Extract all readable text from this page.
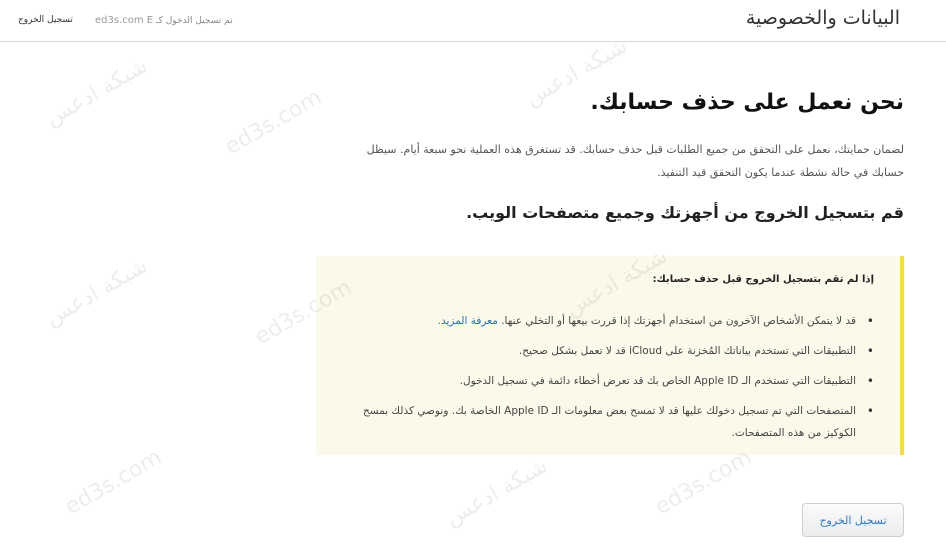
البيانات والخصوصية
تسجيل الخروج	تم تسجيل الدخول كـ ed3s.com E
نحن نعمل على حذف حسابك.
لضمان حمايتك، نعمل على التحقق من جميع الطلبات قبل حذف حسابك. قد تستغرق هذه العملية نحو سبعة أيام. سيظل
حسابك في حالة نشطة عندما يكون التحقق قيد التنفيذ.
قم بتسجيل الخروج من أجهزتك وجميع متصفحات الويب.
إذا لم تقم بتسجيل الخروج قبل حذف حسابك:
•
قد لا يتمكن الأشخاص الآخرون من استخدام أجهزتك إذا قررت بيعها أو التخلي عنها. معرفة المزيد.
•
التطبيقات التي تستخدم بياناتك المُخزنة على iCloud قد لا تعمل بشكل صحيح.
•
التطبيقات التي تستخدم الـ Apple ID الخاص بك قد تعرض أخطاء دائمة في تسجيل الدخول.
•
المتصفحات التي تم تسجيل دخولك عليها قد لا تمسح بعض معلومات الـ Apple ID الخاصة بك. ونوصي كذلك بمسح الكوكيز من هذه المتصفحات.
تسجيل الخروج
شبكة ادعس	ed3s.com
شبكة ادعس
شبكة ادعس	ed3s.com
ed3s.com	شبكة ادعس	ed3s.com
